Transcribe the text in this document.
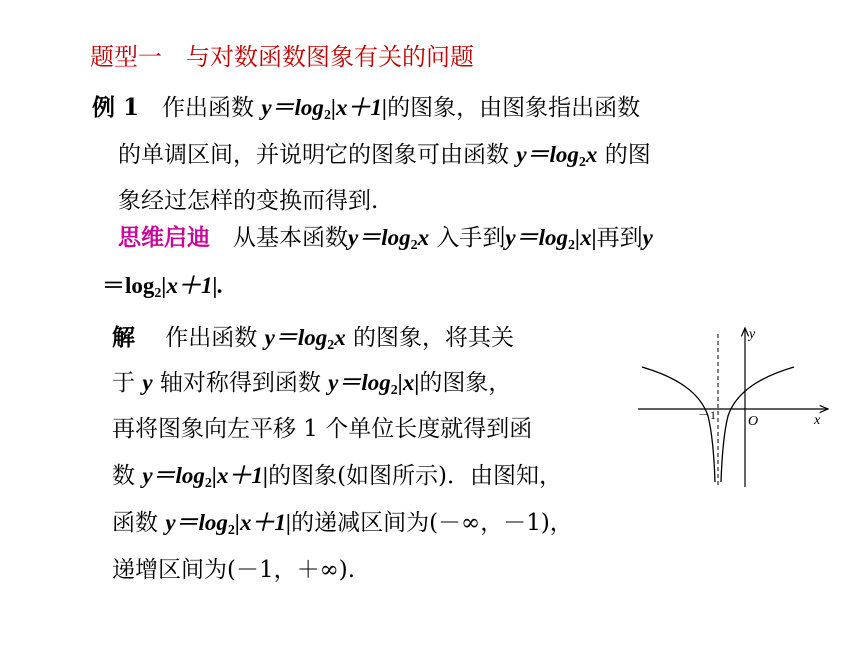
题型一　与对数函数图象有关的问题
例 1　作出函数 $y=\log_2|x+1|$的图象，由图象指出函数
的单调区间，并说明它的图象可由函数 $y=\log_2x$ 的图
象经过怎样的变换而得到.
思维启迪　从基本函数$y=\log_2x$ 入手到$y=\log_2|x|$再到y
$=\log_2|x+1|$.
解　 作出函数 $y=\log_2x$ 的图象，将其关
于 y 轴对称得到函数 $y=\log_2|x|$的图象，
再将图象向左平移 1 个单位长度就得到函
数 $y=\log_2|x+1|$的图象(如图所示)．由图知，
函数 $y=\log_2|x+1|$的递减区间为(－∞，－1)，
递增区间为(－1，＋∞).
y
x
O
－1
